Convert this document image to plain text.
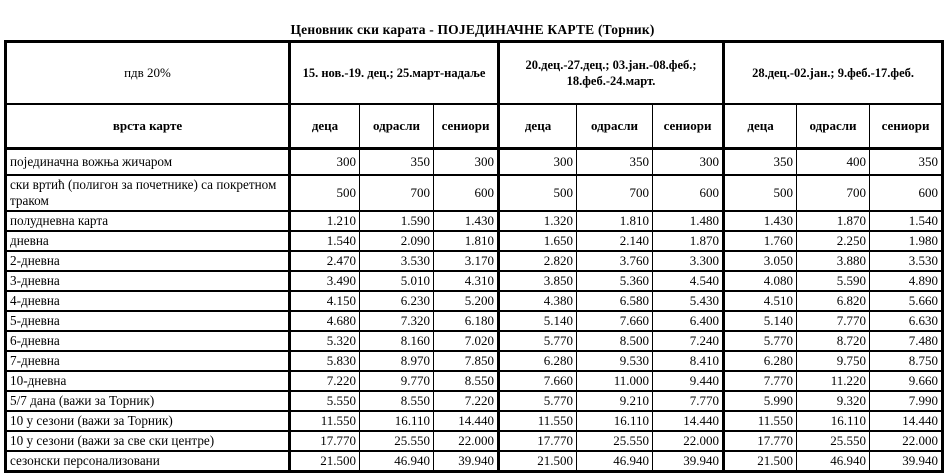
Ценовник ски карата - ПОЈЕДИНАЧНЕ КАРТЕ (Торник)
пдв 20%	15. нов.-19. дец.; 25.март-надаље			20.дец.-27.дец.; 03.јан.-08.феб.; 18.феб.-24.март.			28.дец.-02.јан.; 9.феб.-17.феб.		
врста карте	деца	одрасли	сениори	деца	одрасли	сениори	деца	одрасли	сениори
појединачна вожња жичаром	300	350	300	300	350	300	350	400	350
ски вртић (полигон за почетнике) са покретном траком	500	700	600	500	700	600	500	700	600
полудневна карта	1.210	1.590	1.430	1.320	1.810	1.480	1.430	1.870	1.540
дневна	1.540	2.090	1.810	1.650	2.140	1.870	1.760	2.250	1.980
2-дневна	2.470	3.530	3.170	2.820	3.760	3.300	3.050	3.880	3.530
3-дневна	3.490	5.010	4.310	3.850	5.360	4.540	4.080	5.590	4.890
4-дневна	4.150	6.230	5.200	4.380	6.580	5.430	4.510	6.820	5.660
5-дневна	4.680	7.320	6.180	5.140	7.660	6.400	5.140	7.770	6.630
6-дневна	5.320	8.160	7.020	5.770	8.500	7.240	5.770	8.720	7.480
7-дневна	5.830	8.970	7.850	6.280	9.530	8.410	6.280	9.750	8.750
10-дневна	7.220	9.770	8.550	7.660	11.000	9.440	7.770	11.220	9.660
5/7 дана (важи за Торник)	5.550	8.550	7.220	5.770	9.210	7.770	5.990	9.320	7.990
10 у сезони (важи за Торник)	11.550	16.110	14.440	11.550	16.110	14.440	11.550	16.110	14.440
10 у сезони (важи за све ски центре)	17.770	25.550	22.000	17.770	25.550	22.000	17.770	25.550	22.000
сезонски персонализовани	21.500	46.940	39.940	21.500	46.940	39.940	21.500	46.940	39.940
